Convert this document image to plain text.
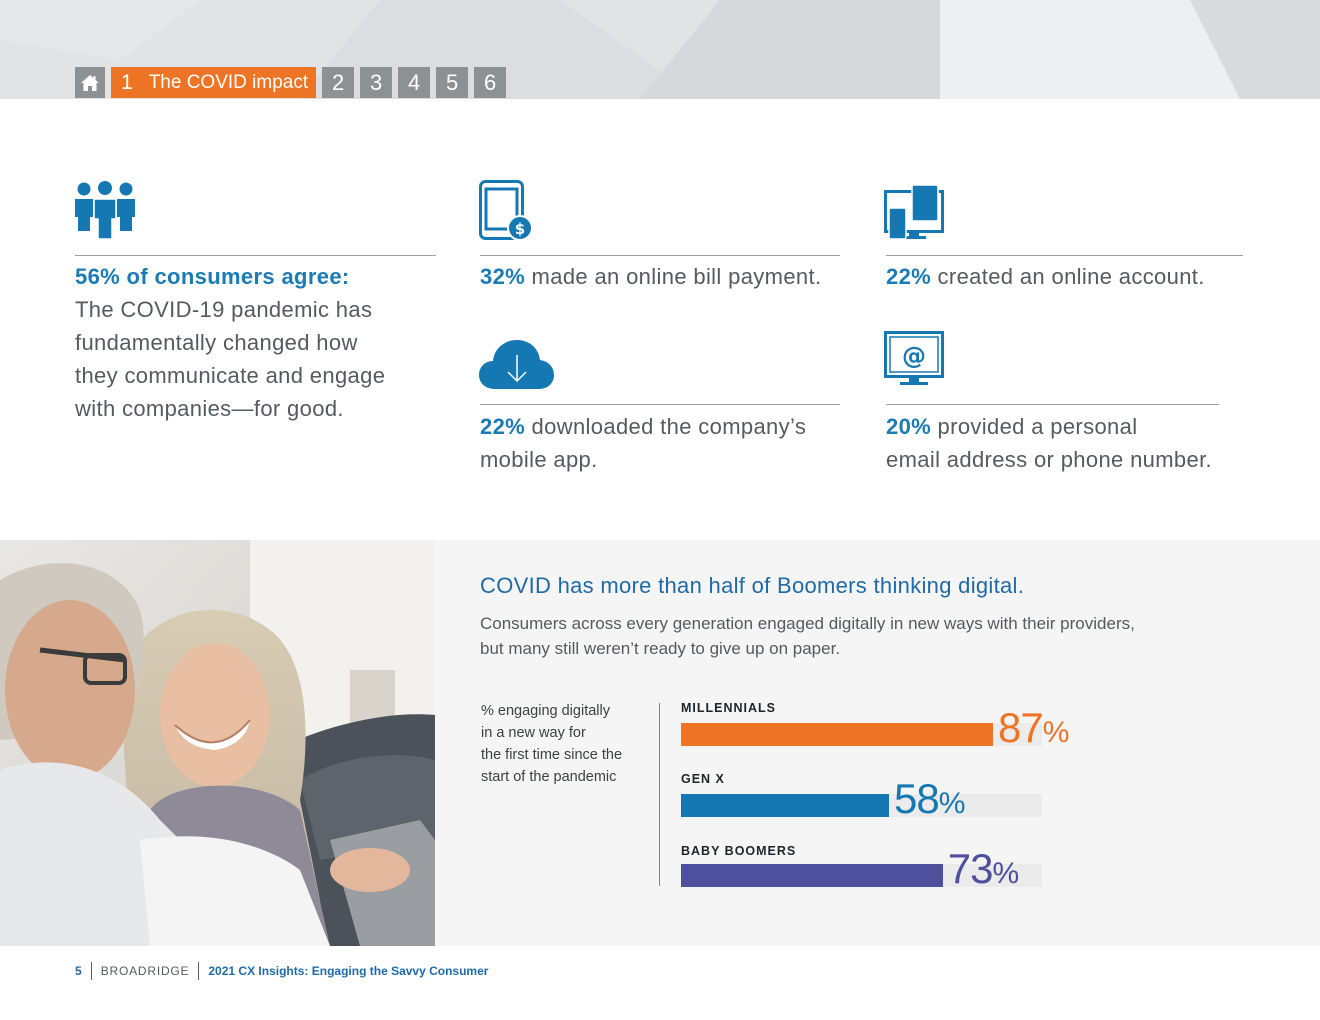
1 The COVID impact	2	3	4	5	6
56% of consumers agree:
The COVID-19 pandemic has
fundamentally changed how
they communicate and engage
with companies—for good.
$
32% made an online bill payment.	22% created an online account.
22% downloaded the company’s
mobile app.
@
20% provided a personal
email address or phone number.
COVID has more than half of Boomers thinking digital.

Consumers across every generation engaged digitally in new ways with their providers,
but many still weren’t ready to give up on paper.

% engaging digitally
in a new way for
the first time since the
start of the pandemic
MILLENNIALS	87%
GEN X	58%
BABY BOOMERS	73%
5 BROADRIDGE 2021 CX Insights: Engaging the Savvy Consumer
